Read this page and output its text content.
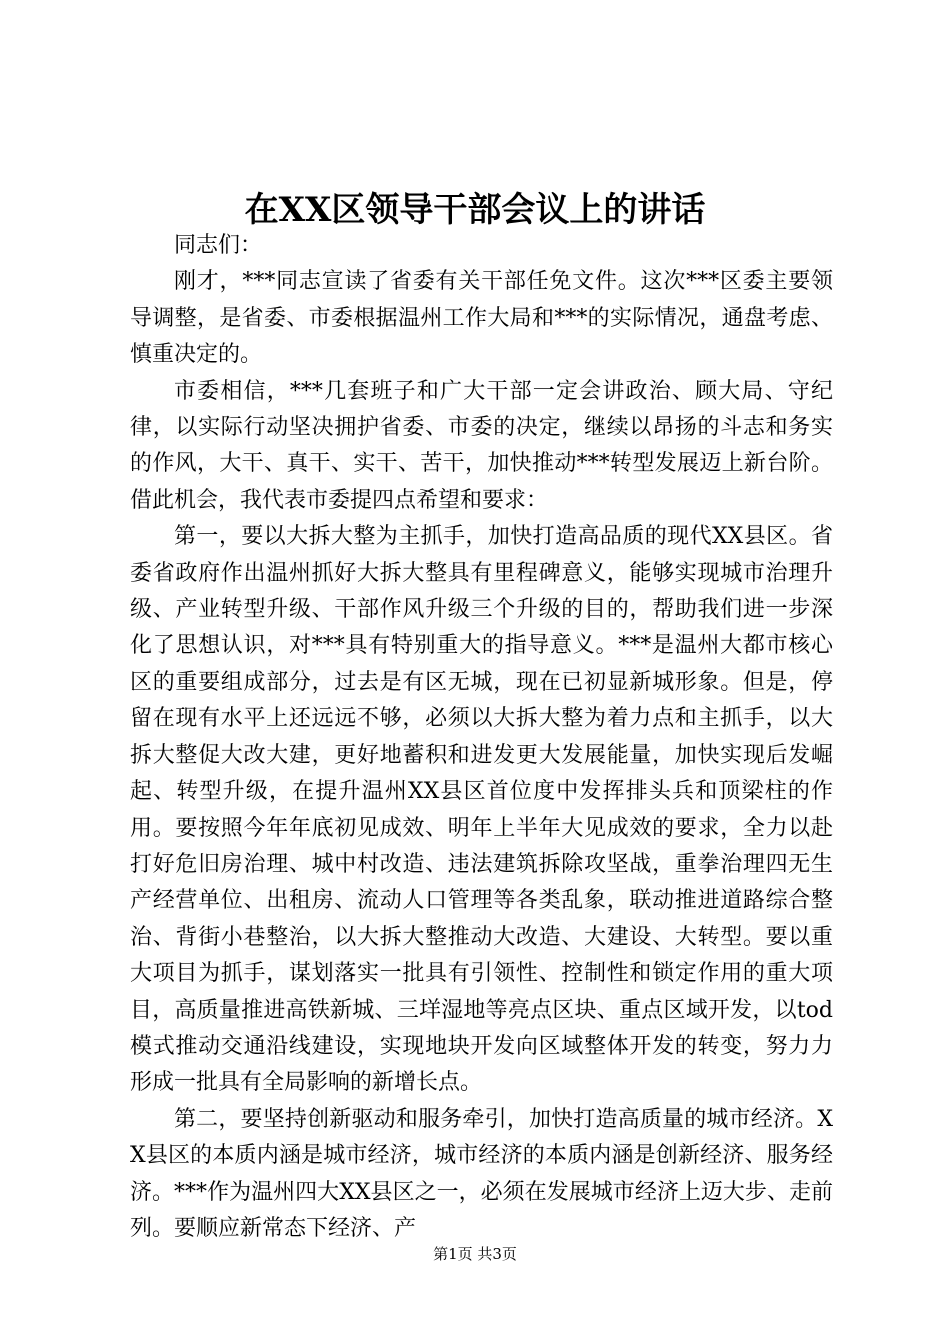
在XX区领导干部会议上的讲话

同志们：

刚才，***同志宣读了省委有关干部任免文件。这次***区委主要领导调整，是省委、市委根据温州工作大局和***的实际情况，通盘考虑、慎重决定的。

市委相信，***几套班子和广大干部一定会讲政治、顾大局、守纪律，以实际行动坚决拥护省委、市委的决定，继续以昂扬的斗志和务实的作风，大干、真干、实干、苦干，加快推动***转型发展迈上新台阶。借此机会，我代表市委提四点希望和要求：

第一，要以大拆大整为主抓手，加快打造高品质的现代XX县区。省委省政府作出温州抓好大拆大整具有里程碑意义，能够实现城市治理升级、产业转型升级、干部作风升级三个升级的目的，帮助我们进一步深化了思想认识，对***具有特别重大的指导意义。***是温州大都市核心区的重要组成部分，过去是有区无城，现在已初显新城形象。但是，停留在现有水平上还远远不够，必须以大拆大整为着力点和主抓手，以大拆大整促大改大建，更好地蓄积和进发更大发展能量，加快实现后发崛起、转型升级，在提升温州XX县区首位度中发挥排头兵和顶梁柱的作用。要按照今年年底初见成效、明年上半年大见成效的要求，全力以赴打好危旧房治理、城中村改造、违法建筑拆除攻坚战，重拳治理四无生产经营单位、出租房、流动人口管理等各类乱象，联动推进道路综合整治、背街小巷整治，以大拆大整推动大改造、大建设、大转型。要以重大项目为抓手，谋划落实一批具有引领性、控制性和锁定作用的重大项目，高质量推进高铁新城、三垟湿地等亮点区块、重点区域开发，以tod模式推动交通沿线建设，实现地块开发向区域整体开发的转变，努力力形成一批具有全局影响的新增长点。

第二，要坚持创新驱动和服务牵引，加快打造高质量的城市经济。XX县区的本质内涵是城市经济，城市经济的本质内涵是创新经济、服务经济。***作为温州四大XX县区之一，必须在发展城市经济上迈大步、走前列。要顺应新常态下经济、产

第1页 共3页
